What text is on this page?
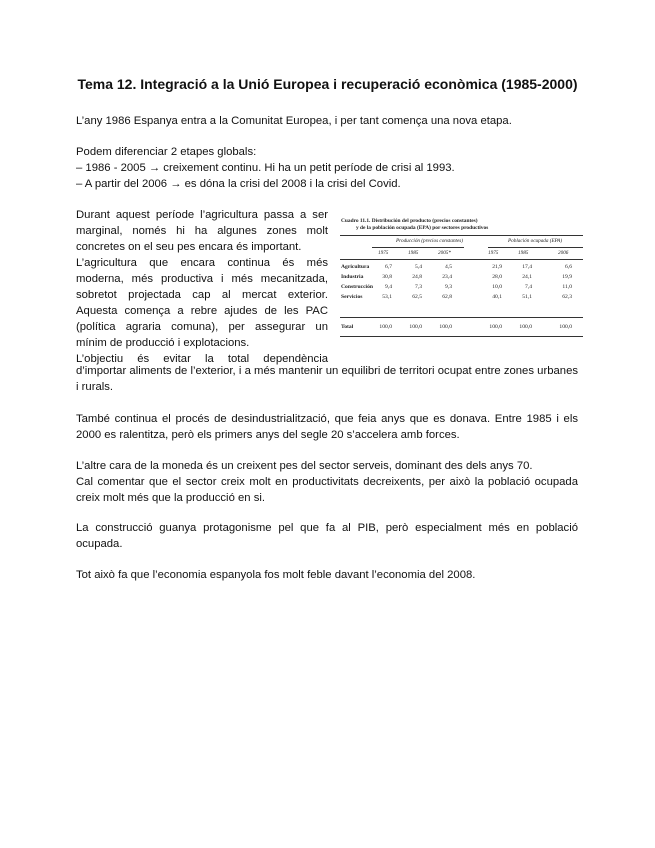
Tema 12. Integració a la Unió Europea i recuperació econòmica (1985-2000)

L’any 1986 Espanya entra a la Comunitat Europea, i per tant comença una nova etapa.

Podem diferenciar 2 etapes globals:
– 1986 - 2005 → creixement continu. Hi ha un petit període de crisi al 1993.
– A partir del 2006 → es dóna la crisi del 2008 i la crisi del Covid.
Durant aquest període l’agricultura passa a ser
marginal, només hi ha algunes zones molt
concretes on el seu pes encara és important.
L’agricultura que encara continua és més
moderna, més productiva i més mecanitzada,
sobretot projectada cap al mercat exterior.
Aquesta comença a rebre ajudes de les PAC
(política agraria comuna), per assegurar un
mínim de producció i explotacions.
L’objectiu és evitar la total dependència

d’importar aliments de l’exterior, i a més mantenir un equilibri de territori ocupat entre zones urbanes i rurals.

Cuadro 11.1. Distribución del producto (precios constantes)
y de la población ocupada (EPA) por sectores productivos
Producción (precios constantes)	Población ocupada (EPA)
1975	1985	2005*	1975	1985	2006
Agricultura	6,7	5,4	4,5	21,9	17,4	6,6
Industria	30,8	24,8	23,4	28,0	24,1	19,9
Construcción	9,4	7,3	9,3	10,0	7,4	11,0
Servicios	53,1	62,5	62,8	40,1	51,1	62,3
Total	100,0	100,0	100,0	100,0	100,0	100,0

També continua el procés de desindustrialització, que feia anys que es donava. Entre 1985 i els 2000 es ralentitza, però els primers anys del segle 20 s’accelera amb forces.

L’altre cara de la moneda és un creixent pes del sector serveis, dominant des dels anys 70.
Cal comentar que el sector creix molt en productivitats decreixents, per això la població ocupada creix molt més que la producció en si.

La construcció guanya protagonisme pel que fa al PIB, però especialment més en població ocupada.

Tot això fa que l’economia espanyola fos molt feble davant l’economia del 2008.
